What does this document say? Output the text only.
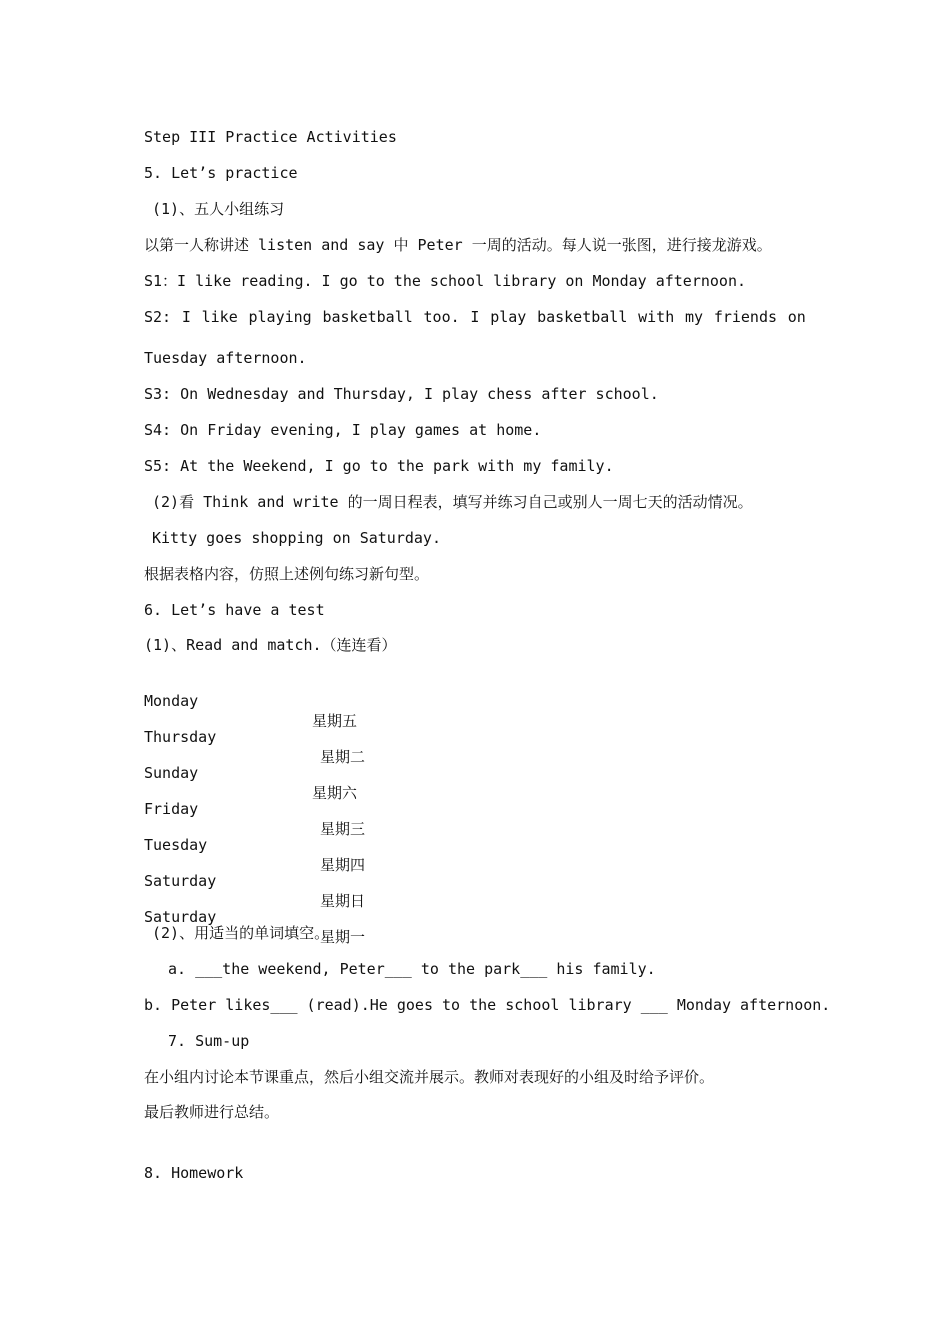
Step III Practice Activities
5. Let’s practice
(1)、五人小组练习
以第一人称讲述 listen and say 中 Peter 一周的活动。每人说一张图，进行接龙游戏。
S1：I like reading. I go to the school library on Monday afternoon.
S2: I like playing basketball too. I play basketball with my friends on
Tuesday afternoon.
S3: On Wednesday and Thursday, I play chess after school.
S4: On Friday evening, I play games at home.
S5: At the Weekend, I go to the park with my family.
(2)看 Think and write 的一周日程表，填写并练习自己或别人一周七天的活动情况。
Kitty goes shopping on Saturday.
根据表格内容，仿照上述例句练习新句型。
6. Let’s have a test
(1)、Read and match.（连连看）

Monday

星期五

Thursday

星期二

Sunday

星期六

Friday

星期三

Tuesday

星期四

Saturday

星期日

Saturday

星期一

(2)、用适当的单词填空。
a. ___the weekend, Peter___ to the park___ his family.
b. Peter likes___ (read).He goes to the school library ___ Monday afternoon.
7. Sum-up
在小组内讨论本节课重点，然后小组交流并展示。教师对表现好的小组及时给予评价。
最后教师进行总结。
8. Homework
